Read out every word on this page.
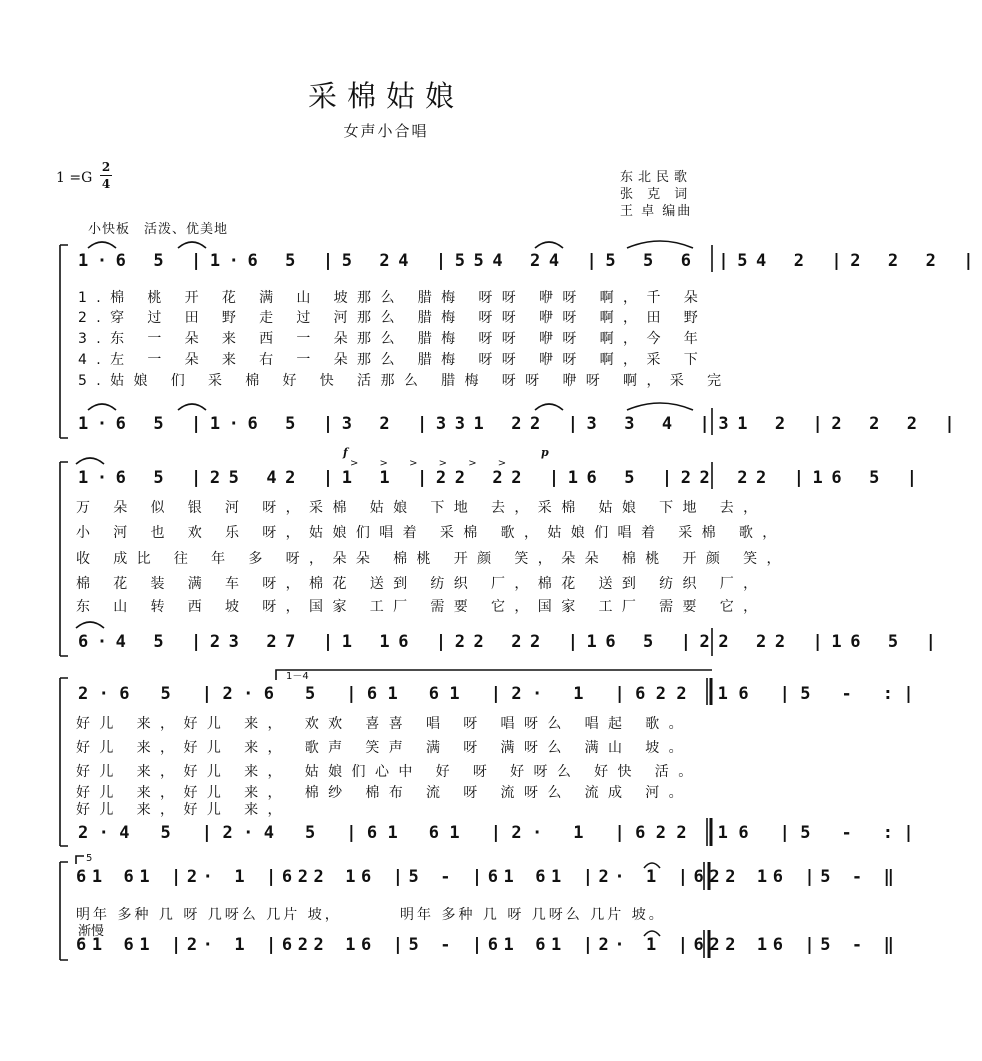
采棉姑娘
女声小合唱
1 =G
2
4	东北民歌
张 克 词
王 卓 编曲
小快板　活泼、优美地
1·6 5 |1·6 5 |5 24 |554 24 |5 5 6 |54 2 |2 2 2 |
1.棉 桃 开 花 满 山 坡那么 腊梅 呀呀 咿呀 啊，千 朵
2.穿 过 田 野 走 过 河那么 腊梅 呀呀 咿呀 啊，田 野
3.东 一 朵 来 西 一 朵那么 腊梅 呀呀 咿呀 啊，今 年
4.左 一 朵 来 右 一 朵那么 腊梅 呀呀 咿呀 啊，采 下
5.姑娘 们 采 棉 好 快 活那么 腊梅 呀呀 咿呀 啊，采 完
1·6 5 |1·6 5 |3 2 |331 22 |3 3 4 |31 2 |2 2 2 |
f	p
> > > > > >
1·6 5 |25 42 |1 1 |22 22 |16 5 |22 22 |16 5 |
万 朵 似 银 河 呀，采棉 姑娘 下地 去，采棉 姑娘 下地 去，
小 河 也 欢 乐 呀，姑娘们唱着 采棉 歌，姑娘们唱着 采棉 歌，
收 成比 往 年 多 呀，朵朵 棉桃 开颜 笑，朵朵 棉桃 开颜 笑，
棉 花 装 满 车 呀，棉花 送到 纺织 厂，棉花 送到 纺织 厂，
东 山 转 西 坡 呀，国家 工厂 需要 它，国家 工厂 需要 它，
6·4 5 |23 27 |1 16 |22 22 |16 5 |22 22 |16 5 |
1－4
2·6 5 |2·6 5 |61 61 |2· 1 |622 16 |5 - :|
好儿 来，好儿 来， 欢欢 喜喜 唱 呀 唱呀么 唱起 歌。
好儿 来，好儿 来， 歌声 笑声 满 呀 满呀么 满山 坡。
好儿 来，好儿 来， 姑娘们心中 好 呀 好呀么 好快 活。
好儿 来，好儿 来， 棉纱 棉布 流 呀 流呀么 流成 河。
好儿 来，好儿 来，
2·4 5 |2·4 5 |61 61 |2· 1 |622 16 |5 - :|
5
61 61 |2· 1 |622 16 |5 - |61 61 |2· 1 |622 16 |5 - ‖
明年 多种 几 呀 几呀么 几片 坡，	明年 多种 几 呀 几呀么 几片 坡。
渐慢
61 61 |2· 1 |622 16 |5 - |61 61 |2· 1 |622 16 |5 - ‖
